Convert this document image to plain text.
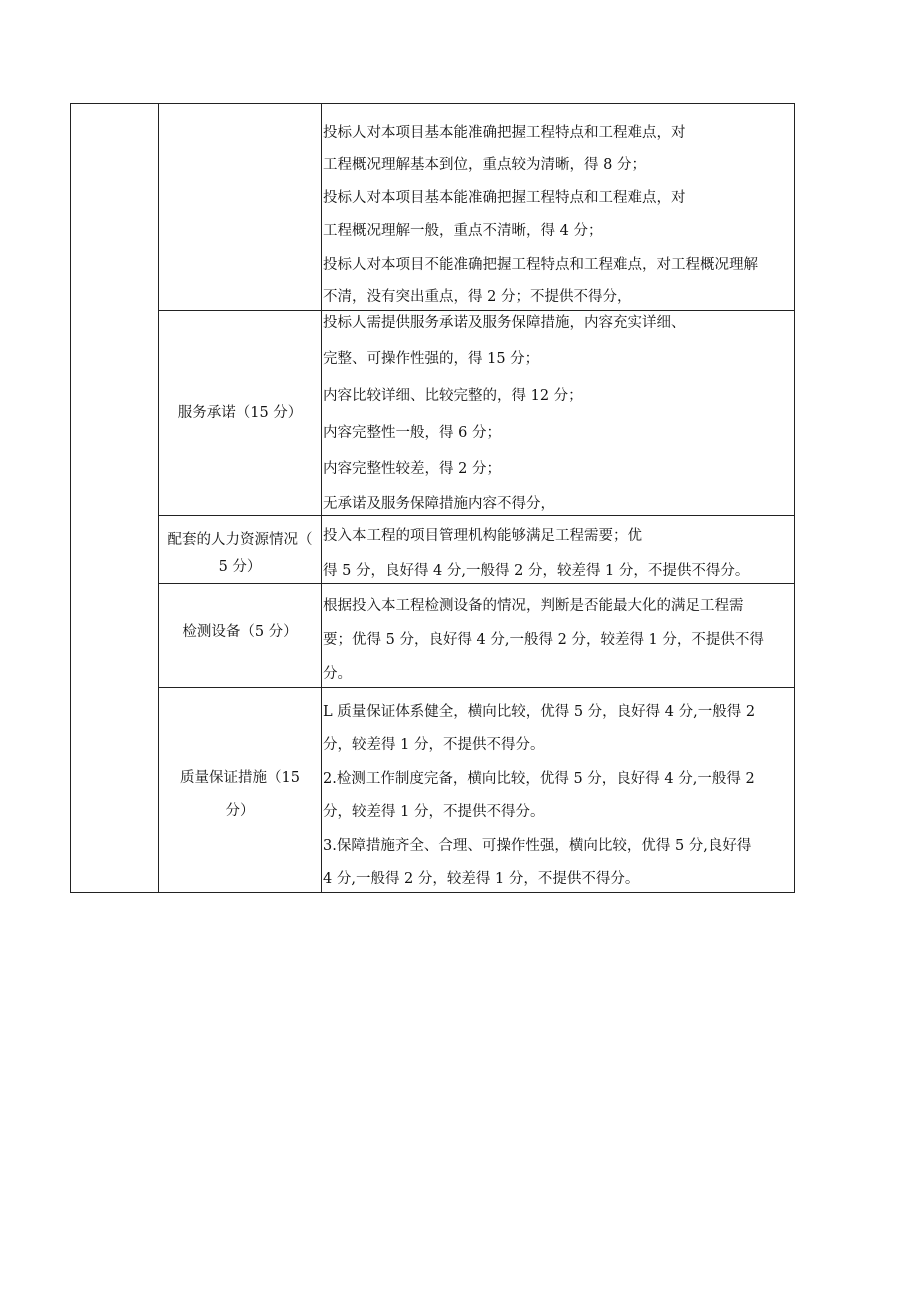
投标人对本项目基本能准确把握工程特点和工程难点，对
工程概况理解基本到位，重点较为清晰，得 8 分；
投标人对本项目基本能准确把握工程特点和工程难点，对
工程概况理解一般，重点不清晰，得 4 分；
投标人对本项目不能准确把握工程特点和工程难点，对工程概况理解
不清，没有突出重点，得 2 分；不提供不得分，
服务承诺（15 分）
投标人需提供服务承诺及服务保障措施，内容充实详细、
完整、可操作性强的，得 15 分；
内容比较详细、比较完整的，得 12 分；
内容完整性一般，得 6 分；
内容完整性较差，得 2 分；
无承诺及服务保障措施内容不得分，
配套的人力资源情况（
5 分）
投入本工程的项目管理机构能够满足工程需要；优
得 5 分，良好得 4 分,一般得 2 分，较差得 1 分，不提供不得分。
检测设备（5 分）
根据投入本工程检测设备的情况，判断是否能最大化的满足工程需
要；优得 5 分，良好得 4 分,一般得 2 分，较差得 1 分，不提供不得
分。
质量保证措施（15
分）
L 质量保证体系健全，横向比较，优得 5 分，良好得 4 分,一般得 2
分，较差得 1 分，不提供不得分。
2.检测工作制度完备，横向比较，优得 5 分，良好得 4 分,一般得 2
分，较差得 1 分，不提供不得分。
3.保障措施齐全、合理、可操作性强，横向比较，优得 5 分,良好得
4 分,一般得 2 分，较差得 1 分，不提供不得分。
